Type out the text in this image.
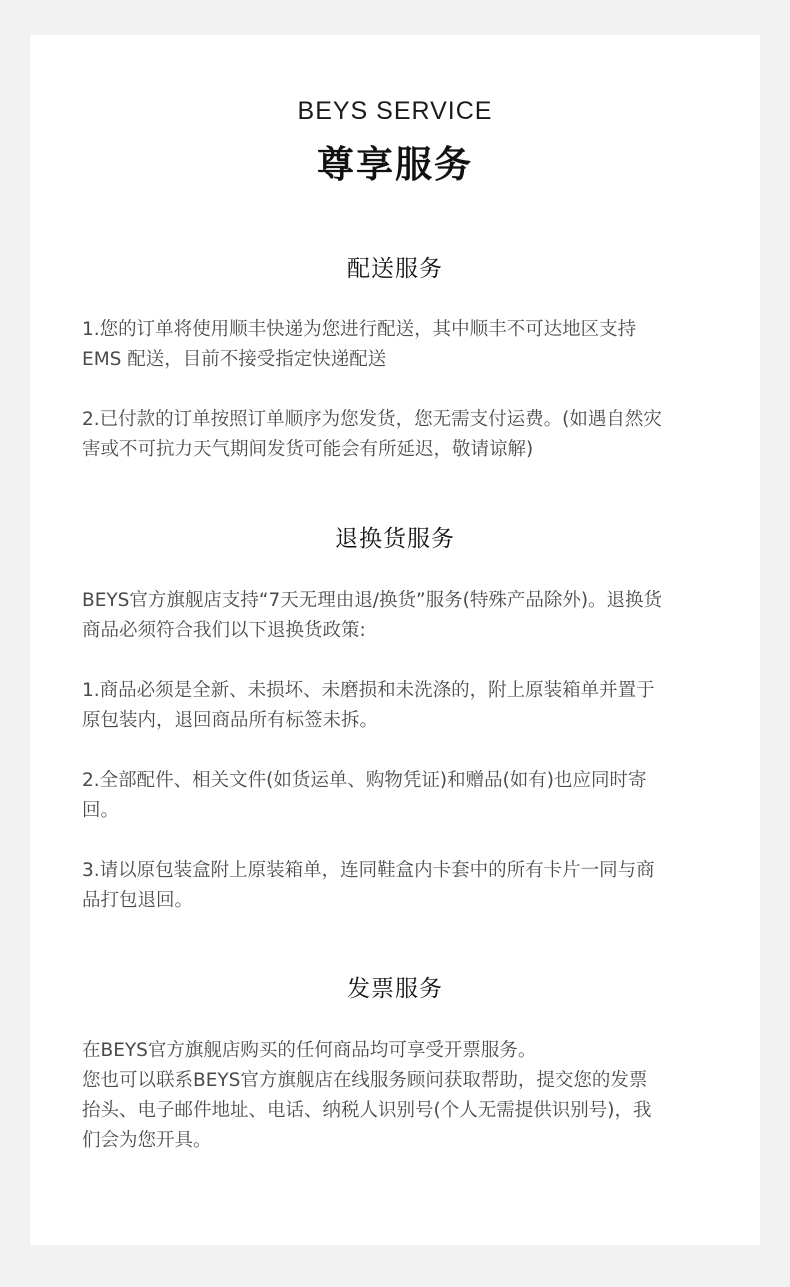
BEYS SERVICE
尊享服务
配送服务
1.您的订单将使用顺丰快递为您进行配送，其中顺丰不可达地区支持
EMS 配送，目前不接受指定快递配送
2.已付款的订单按照订单顺序为您发货，您无需支付运费。(如遇自然灾
害或不可抗力天气期间发货可能会有所延迟，敬请谅解)
退换货服务
BEYS官方旗舰店支持“7天无理由退/换货”服务(特殊产品除外)。退换货
商品必须符合我们以下退换货政策:
1.商品必须是全新、未损坏、未磨损和未洗涤的，附上原装箱单并置于
原包装内，退回商品所有标签未拆。
2.全部配件、相关文件(如货运单、购物凭证)和赠品(如有)也应同时寄
回。
3.请以原包装盒附上原装箱单，连同鞋盒内卡套中的所有卡片一同与商
品打包退回。
发票服务
在BEYS官方旗舰店购买的任何商品均可享受开票服务。
您也可以联系BEYS官方旗舰店在线服务顾问获取帮助，提交您的发票
抬头、电子邮件地址、电话、纳税人识别号(个人无需提供识别号)，我
们会为您开具。
